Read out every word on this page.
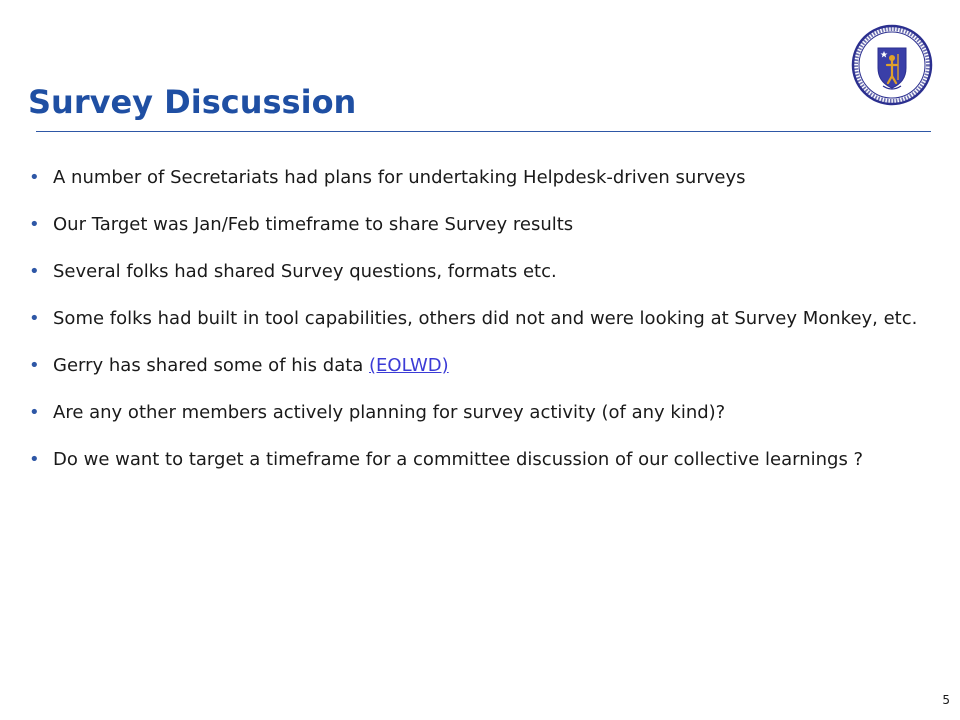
Survey Discussion
• A number of Secretariats had plans for undertaking Helpdesk-driven surveys
• Our Target was Jan/Feb timeframe to share Survey results
• Several folks had shared Survey questions, formats etc.
• Some folks had built in tool capabilities, others did not and were looking at Survey Monkey, etc.
• Gerry has shared some of his data (EOLWD)
• Are any other members actively planning for survey activity (of any kind)?
• Do we want to target a timeframe for a committee discussion of our collective learnings ?
5
